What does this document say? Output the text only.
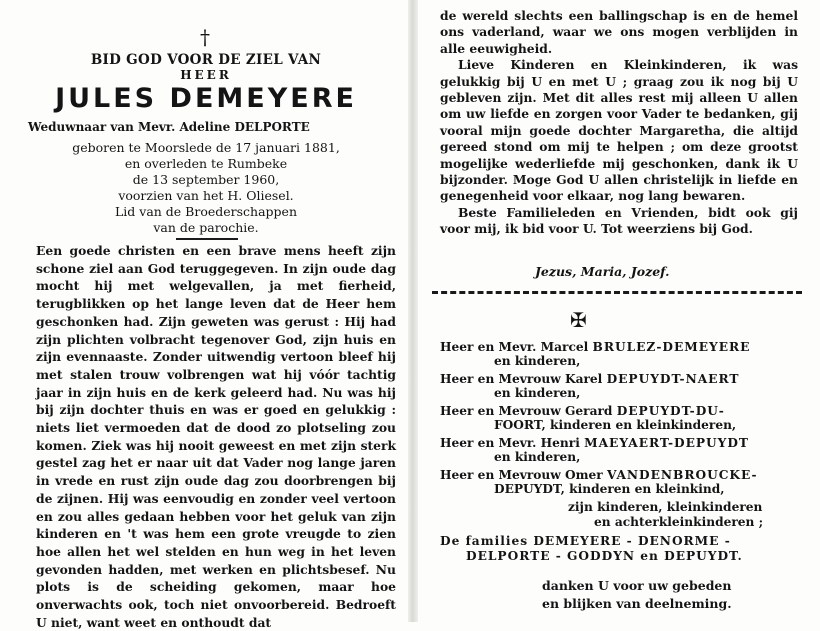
†
BID GOD VOOR DE ZIEL VAN
HEER
JULES DEMEYERE
Weduwnaar van Mevr. Adeline DELPORTE
geboren te Moorslede de 17 januari 1881,
en overleden te Rumbeke
de 13 september 1960,
voorzien van het H. Oliesel.
Lid van de Broederschappen
van de parochie.

Een goede christen en een brave mens heeft zijn schone ziel aan God teruggegeven. In zijn oude dag mocht hij met welgevallen, ja met fierheid, terugblikken op het lange leven dat de Heer hem geschonken had. Zijn geweten was gerust : Hij had zijn plichten volbracht tegenover God, zijn huis en zijn evennaaste. Zonder uitwendig vertoon bleef hij met stalen trouw volbrengen wat hij vóór tachtig jaar in zijn huis en de kerk geleerd had. Nu was hij bij zijn dochter thuis en was er goed en gelukkig : niets liet vermoeden dat de dood zo plotseling zou komen. Ziek was hij nooit geweest en met zijn sterk gestel zag het er naar uit dat Vader nog lange jaren in vrede en rust zijn oude dag zou doorbrengen bij de zijnen. Hij was eenvoudig en zonder veel vertoon en zou alles gedaan hebben voor het geluk van zijn kinderen en 't was hem een grote vreugde to zien hoe allen het wel stelden en hun weg in het leven gevonden hadden, met werken en plichtsbesef. Nu plots is de scheiding gekomen, maar hoe onverwachts ook, toch niet onvoorbereid. Bedroeft U niet, want weet en onthoudt dat

de wereld slechts een ballingschap is en de hemel ons vaderland, waar we ons mogen verblijden in alle eeuwigheid.

Lieve Kinderen en Kleinkinderen, ik was gelukkig bij U en met U ; graag zou ik nog bij U gebleven zijn. Met dit alles rest mij alleen U allen om uw liefde en zorgen voor Vader te bedanken, gij vooral mijn goede dochter Margaretha, die altijd gereed stond om mij te helpen ; om deze grootst mogelijke wederliefde mij geschonken, dank ik U bijzonder. Moge God U allen christelijk in liefde en genegenheid voor elkaar, nog lang bewaren.

Beste Familieleden en Vrienden, bidt ook gij voor mij, ik bid voor U. Tot weerziens bij God.

Jezus, Maria, Jozef.
✠
Heer en Mevr. Marcel BRULEZ-DEMEYERE
en kinderen,
Heer en Mevrouw Karel DEPUYDT-NAERT
en kinderen,
Heer en Mevrouw Gerard DEPUYDT-DU-
FOORT, kinderen en kleinkinderen,
Heer en Mevr. Henri MAEYAERT-DEPUYDT
en kinderen,
Heer en Mevrouw Omer VANDENBROUCKE-
DEPUYDT, kinderen en kleinkind,
zijn kinderen, kleinkinderen
en achterkleinkinderen ;
De families DEMEYERE - DENORME -
DELPORTE - GODDYN en DEPUYDT.
danken U voor uw gebeden
en blijken van deelneming.
